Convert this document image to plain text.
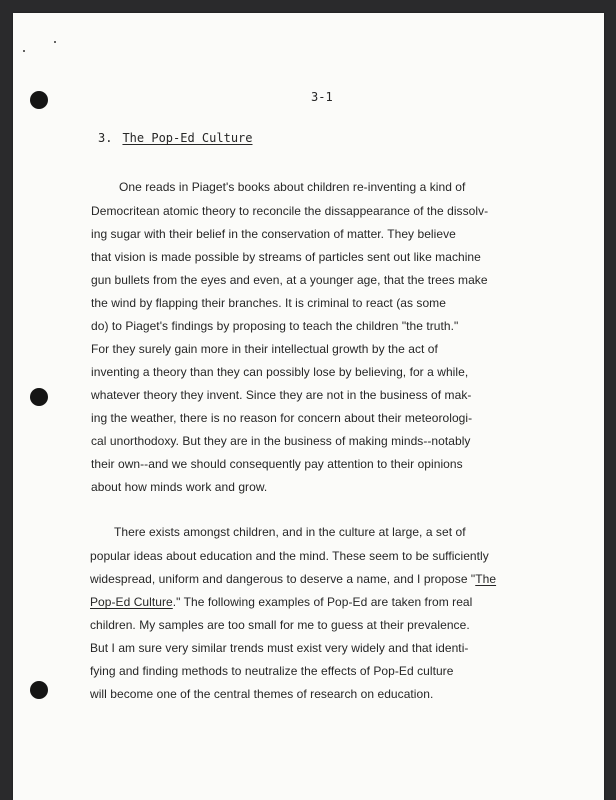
3-1
3. The Pop-Ed Culture
One reads in Piaget's books about children re-inventing a kind of
Democritean atomic theory to reconcile the dissappearance of the dissolv-
ing sugar with their belief in the conservation of matter. They believe
that vision is made possible by streams of particles sent out like machine
gun bullets from the eyes and even, at a younger age, that the trees make
the wind by flapping their branches. It is criminal to react (as some
do) to Piaget's findings by proposing to teach the children "the truth."
For they surely gain more in their intellectual growth by the act of
inventing a theory than they can possibly lose by believing, for a while,
whatever theory they invent. Since they are not in the business of mak-
ing the weather, there is no reason for concern about their meteorologi-
cal unorthodoxy. But they are in the business of making minds--notably
their own--and we should consequently pay attention to their opinions
about how minds work and grow.
There exists amongst children, and in the culture at large, a set of
popular ideas about education and the mind. These seem to be sufficiently
widespread, uniform and dangerous to deserve a name, and I propose "The
Pop-Ed Culture." The following examples of Pop-Ed are taken from real
children. My samples are too small for me to guess at their prevalence.
But I am sure very similar trends must exist very widely and that identi-
fying and finding methods to neutralize the effects of Pop-Ed culture
will become one of the central themes of research on education.
